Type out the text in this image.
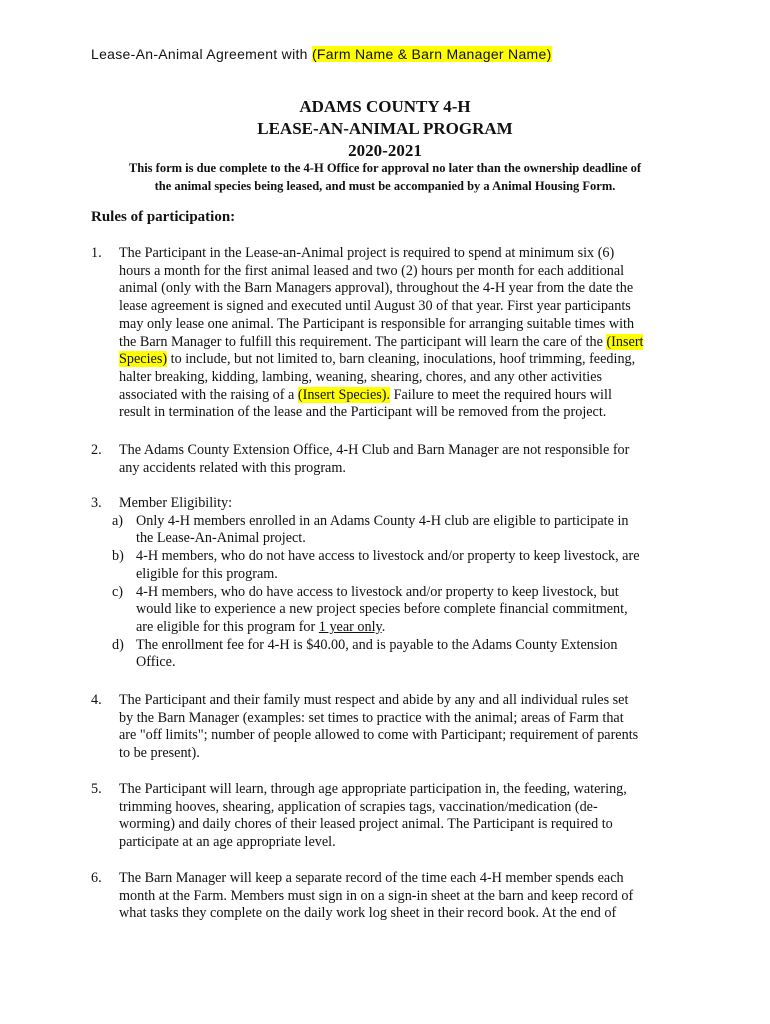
Lease-An-Animal Agreement with (Farm Name & Barn Manager Name)
ADAMS COUNTY 4-H
LEASE-AN-ANIMAL PROGRAM
2020-2021
This form is due complete to the 4-H Office for approval no later than the ownership deadline of
the animal species being leased, and must be accompanied by a Animal Housing Form.
Rules of participation:
1. The Participant in the Lease-an-Animal project is required to spend at minimum six (6)
hours a month for the first animal leased and two (2) hours per month for each additional
animal (only with the Barn Managers approval), throughout the 4-H year from the date the
lease agreement is signed and executed until August 30 of that year. First year participants
may only lease one animal. The Participant is responsible for arranging suitable times with
the Barn Manager to fulfill this requirement. The participant will learn the care of the (Insert
Species) to include, but not limited to, barn cleaning, inoculations, hoof trimming, feeding,
halter breaking, kidding, lambing, weaning, shearing, chores, and any other activities
associated with the raising of a (Insert Species). Failure to meet the required hours will
result in termination of the lease and the Participant will be removed from the project.
2. The Adams County Extension Office, 4-H Club and Barn Manager are not responsible for
any accidents related with this program.
3. Member Eligibility:
a) Only 4-H members enrolled in an Adams County 4-H club are eligible to participate in
the Lease-An-Animal project.
b) 4-H members, who do not have access to livestock and/or property to keep livestock, are
eligible for this program.
c) 4-H members, who do have access to livestock and/or property to keep livestock, but
would like to experience a new project species before complete financial commitment,
are eligible for this program for 1 year only.
d) The enrollment fee for 4-H is $40.00, and is payable to the Adams County Extension
Office.
4. The Participant and their family must respect and abide by any and all individual rules set
by the Barn Manager (examples: set times to practice with the animal; areas of Farm that
are "off limits"; number of people allowed to come with Participant; requirement of parents
to be present).
5. The Participant will learn, through age appropriate participation in, the feeding, watering,
trimming hooves, shearing, application of scrapies tags, vaccination/medication (de-
worming) and daily chores of their leased project animal. The Participant is required to
participate at an age appropriate level.
6. The Barn Manager will keep a separate record of the time each 4-H member spends each
month at the Farm. Members must sign in on a sign-in sheet at the barn and keep record of
what tasks they complete on the daily work log sheet in their record book. At the end of
